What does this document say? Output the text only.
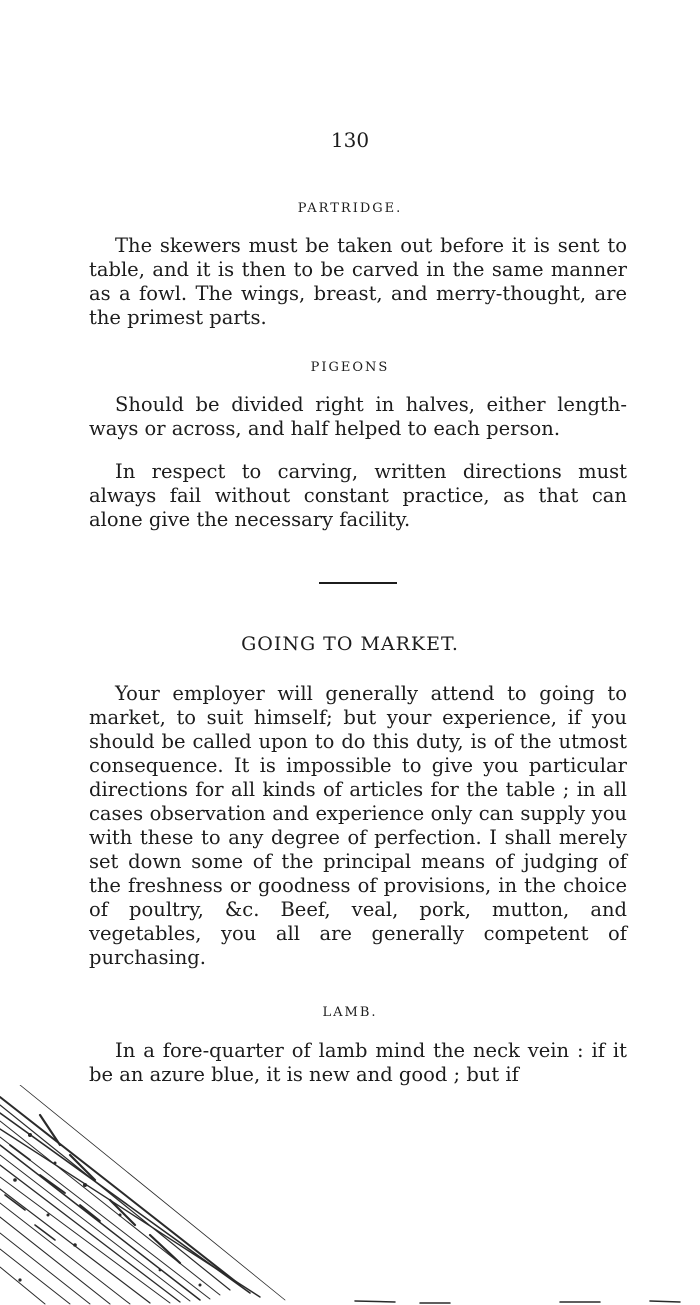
130
PARTRIDGE.

The skewers must be taken out before it is sent to table, and it is then to be carved in the same manner as a fowl. The wings, breast, and merry-thought, are the primest parts.

PIGEONS

Should be divided right in halves, either length-ways or across, and half helped to each person.

In respect to carving, written directions must always fail without constant practice, as that can alone give the necessary facility.

GOING TO MARKET.

Your employer will generally attend to going to market, to suit himself; but your experience, if you should be called upon to do this duty, is of the utmost consequence. It is impossible to give you particular directions for all kinds of articles for the table ; in all cases observation and experience only can supply you with these to any degree of perfection. I shall merely set down some of the principal means of judging of the freshness or goodness of provisions, in the choice of poultry, &c. Beef, veal, pork, mutton, and vegetables, you all are generally competent of purchasing.

LAMB.

In a fore-quarter of lamb mind the neck vein : if it be an azure blue, it is new and good ; but if
